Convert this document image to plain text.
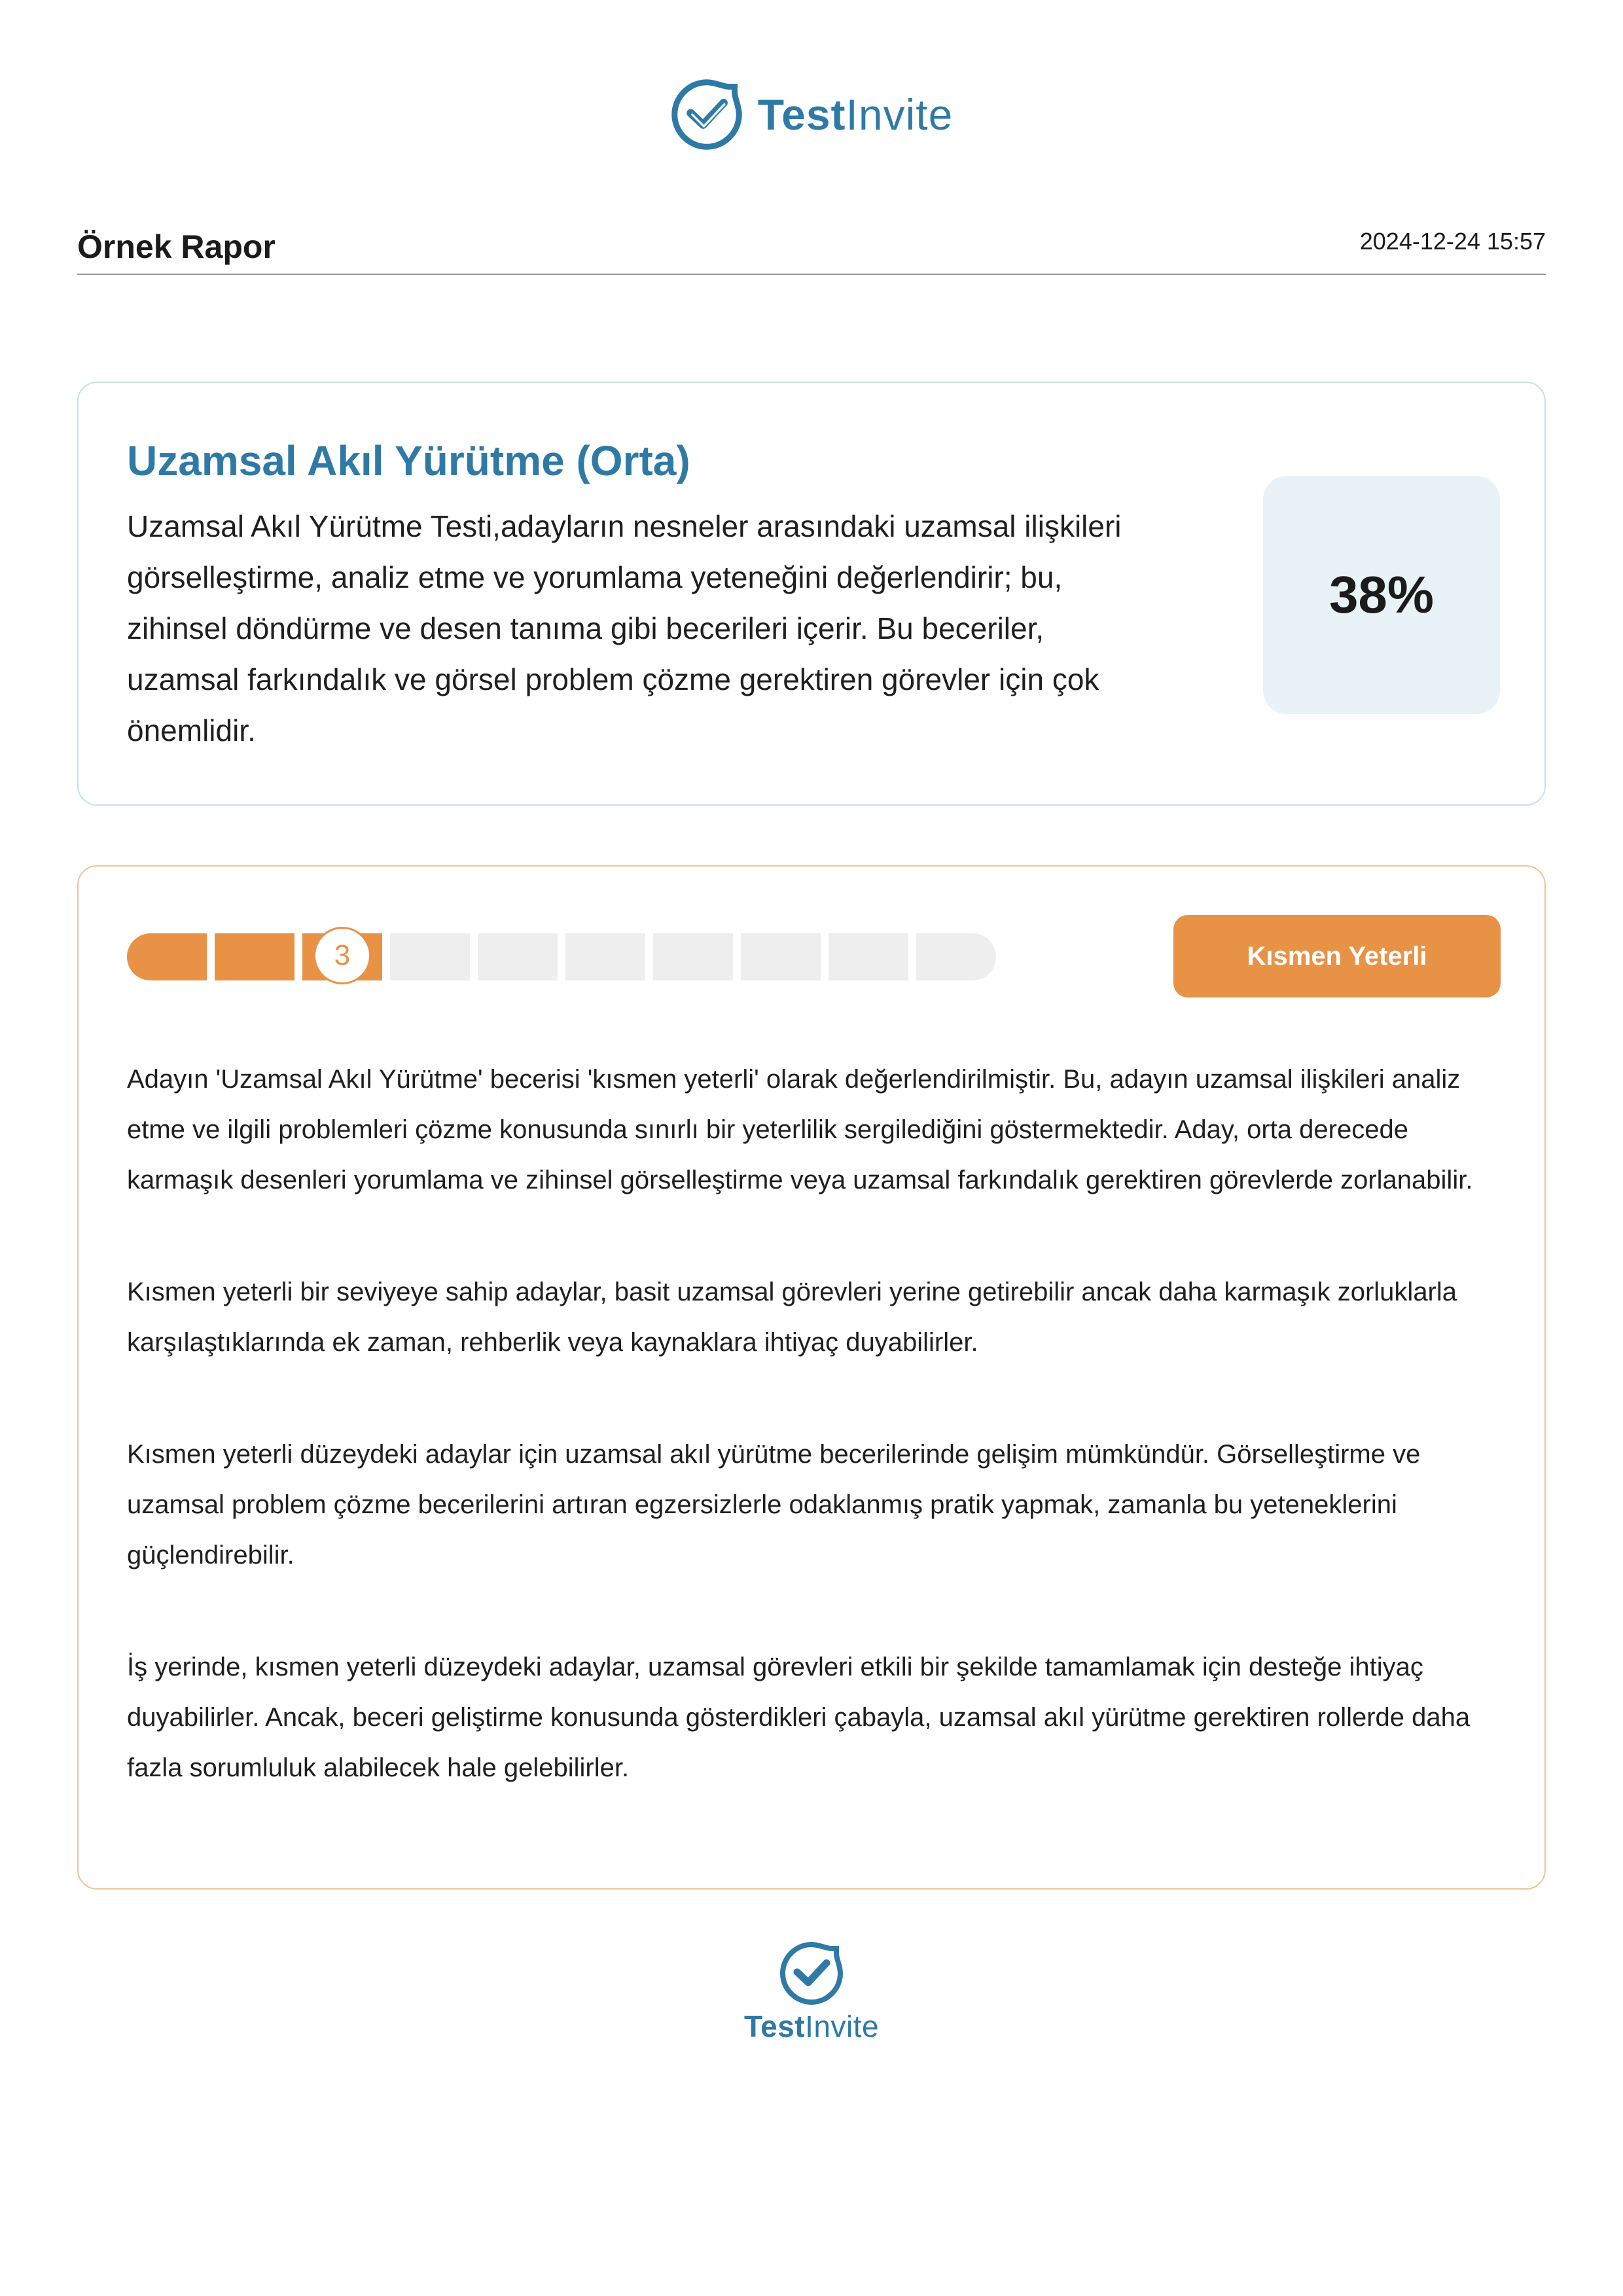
TestInvite
Örnek Rapor	2024-12-24 15:57
Uzamsal Akıl Yürütme (Orta)
Uzamsal Akıl Yürütme Testi,adayların nesneler arasındaki uzamsal ilişkileri görselleştirme, analiz etme ve yorumlama yeteneğini değerlendirir; bu, zihinsel döndürme ve desen tanıma gibi becerileri içerir. Bu beceriler, uzamsal farkındalık ve görsel problem çözme gerektiren görevler için çok önemlidir.
38%
3	Kısmen Yeterli

Adayın 'Uzamsal Akıl Yürütme' becerisi 'kısmen yeterli' olarak değerlendirilmiştir. Bu, adayın uzamsal ilişkileri analiz etme ve ilgili problemleri çözme konusunda sınırlı bir yeterlilik sergilediğini göstermektedir. Aday, orta derecede karmaşık desenleri yorumlama ve zihinsel görselleştirme veya uzamsal farkındalık gerektiren görevlerde zorlanabilir.

Kısmen yeterli bir seviyeye sahip adaylar, basit uzamsal görevleri yerine getirebilir ancak daha karmaşık zorluklarla karşılaştıklarında ek zaman, rehberlik veya kaynaklara ihtiyaç duyabilirler.

Kısmen yeterli düzeydeki adaylar için uzamsal akıl yürütme becerilerinde gelişim mümkündür. Görselleştirme ve uzamsal problem çözme becerilerini artıran egzersizlerle odaklanmış pratik yapmak, zamanla bu yeteneklerini güçlendirebilir.

İş yerinde, kısmen yeterli düzeydeki adaylar, uzamsal görevleri etkili bir şekilde tamamlamak için desteğe ihtiyaç duyabilirler. Ancak, beceri geliştirme konusunda gösterdikleri çabayla, uzamsal akıl yürütme gerektiren rollerde daha fazla sorumluluk alabilecek hale gelebilirler.

TestInvite
